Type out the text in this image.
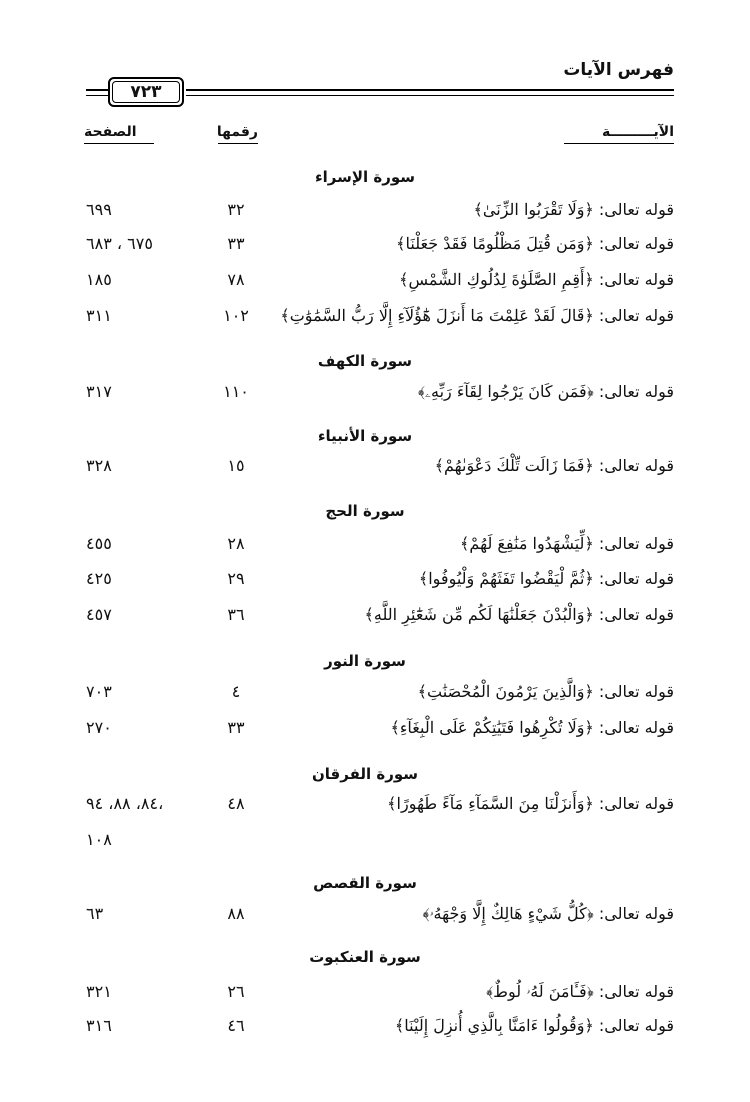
فهرس الآيات
٧٢٣
الآيـــــــــة
رقمها
الصفحة
سورة الإسراء
قوله تعالى: ﴿وَلَا تَقْرَبُوا الزِّنَىٰ﴾
٣٢
٦٩٩
قوله تعالى: ﴿وَمَن قُتِلَ مَظْلُومًا فَقَدْ جَعَلْنَا﴾
٣٣
٦٧٥ ، ٦٨٣
قوله تعالى: ﴿أَقِمِ الصَّلَوٰةَ لِدُلُوكِ الشَّمْسِ﴾
٧٨
١٨٥
قوله تعالى: ﴿قَالَ لَقَدْ عَلِمْتَ مَا أَنزَلَ هَٰٓؤُلَآءِ إِلَّا رَبُّ السَّمَٰوَٰتِ﴾
١٠٢
٣١١
سورة الكهف
قوله تعالى: ﴿فَمَن كَانَ يَرْجُوا لِقَآءَ رَبِّهِۦ﴾
١١٠
٣١٧
سورة الأنبياء
قوله تعالى: ﴿فَمَا زَالَت تِّلْكَ دَعْوَىٰهُمْ﴾
١٥
٣٢٨
سورة الحج
قوله تعالى: ﴿لِّيَشْهَدُوا مَنَٰفِعَ لَهُمْ﴾
٢٨
٤٥٥
قوله تعالى: ﴿ثُمَّ لْيَقْضُوا تَفَثَهُمْ وَلْيُوفُوا﴾
٢٩
٤٢٥
قوله تعالى: ﴿وَالْبُدْنَ جَعَلْنَٰهَا لَكُم مِّن شَعَٰٓئِرِ اللَّهِ﴾
٣٦
٤٥٧
سورة النور
قوله تعالى: ﴿وَالَّذِينَ يَرْمُونَ الْمُحْصَنَٰتِ﴾
٤
٧٠٣
قوله تعالى: ﴿وَلَا تُكْرِهُوا فَتَيَٰتِكُمْ عَلَى الْبِغَآءِ﴾
٣٣
٢٧٠
سورة الفرقان
قوله تعالى: ﴿وَأَنزَلْنَا مِنَ السَّمَآءِ مَآءً طَهُورًا﴾
٤٨
٨٤، ٨٨، ٩٤،
١٠٨
سورة القصص
قوله تعالى: ﴿كُلُّ شَيْءٍ هَالِكٌ إِلَّا وَجْهَهُۥ﴾
٨٨
٦٣
سورة العنكبوت
قوله تعالى: ﴿فَـَٔامَنَ لَهُۥ لُوطٌ﴾
٢٦
٣٢١
قوله تعالى: ﴿وَقُولُوا ءَامَنَّا بِالَّذِي أُنزِلَ إِلَيْنَا﴾
٤٦
٣١٦
